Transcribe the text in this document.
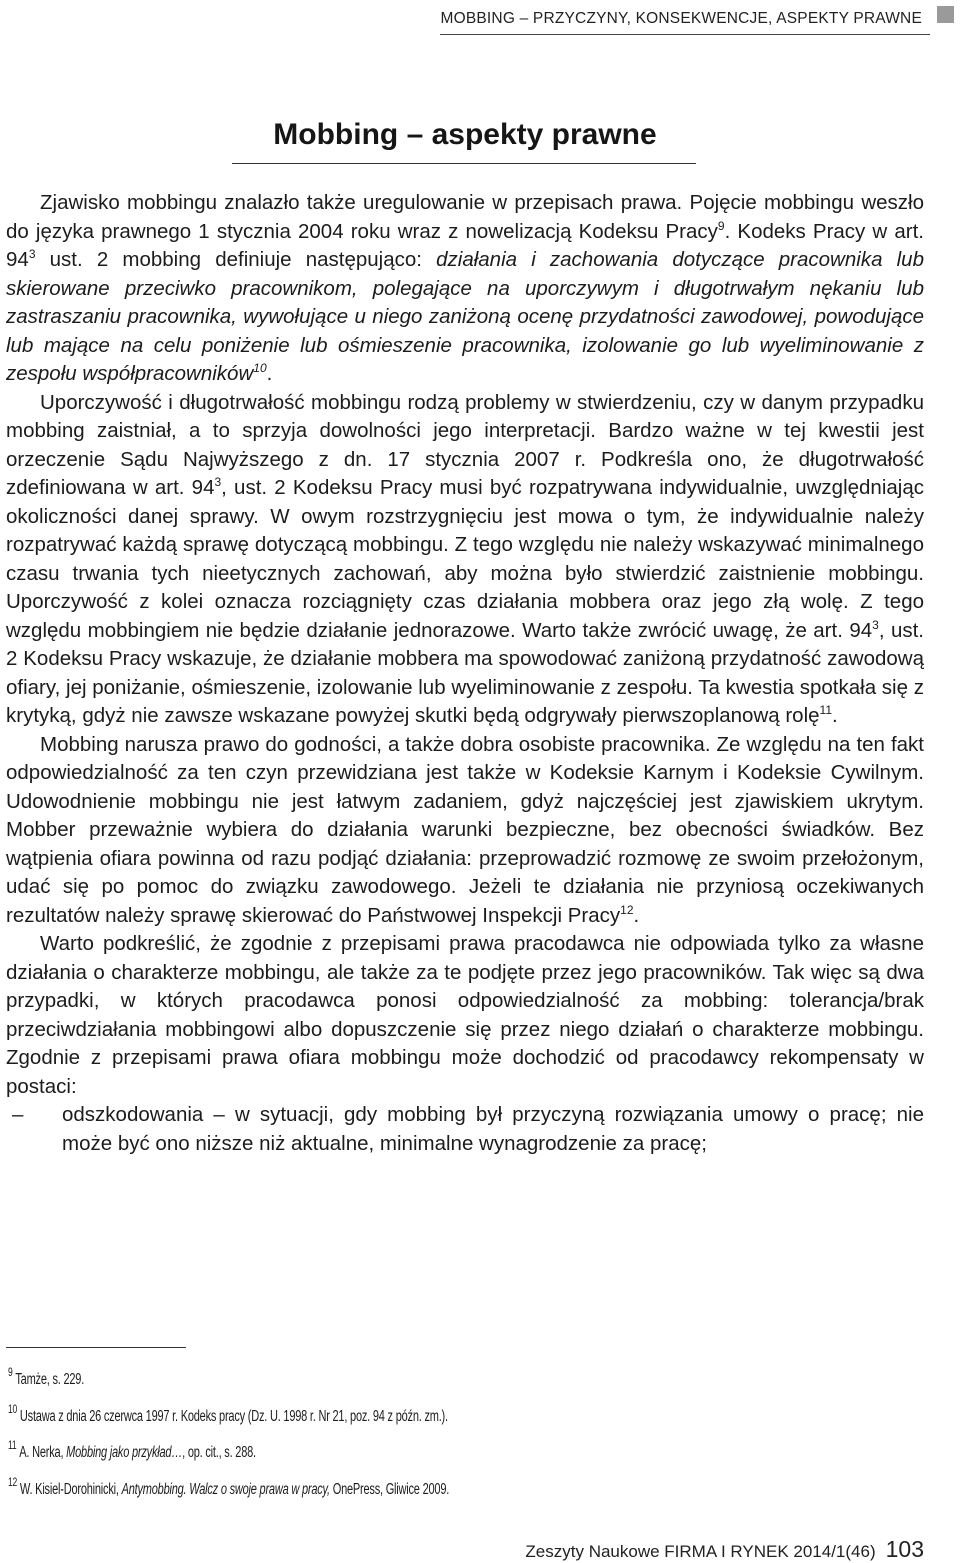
MOBBING – PRZYCZYNY, KONSEKWENCJE, ASPEKTY PRAWNE
Mobbing – aspekty prawne

Zjawisko mobbingu znalazło także uregulowanie w przepisach prawa. Pojęcie mobbingu weszło do języka prawnego 1 stycznia 2004 roku wraz z nowelizacją Kodeksu Pracy$^9$. Kodeks Pracy w art. $94^3$ ust. 2 mobbing definiuje następująco: działania i zachowania dotyczące pracownika lub skierowane przeciwko pracownikom, polegające na uporczywym i długotrwałym nękaniu lub zastraszaniu pracownika, wywołujące u niego zaniżoną ocenę przydatności zawodowej, powodujące lub mające na celu poniżenie lub ośmieszenie pracownika, izolowanie go lub wyeliminowanie z zespołu współpracowników$^{10}$.

Uporczywość i długotrwałość mobbingu rodzą problemy w stwierdzeniu, czy w danym przypadku mobbing zaistniał, a to sprzyja dowolności jego interpretacji. Bardzo ważne w tej kwestii jest orzeczenie Sądu Najwyższego z dn. 17 stycznia 2007 r. Podkreśla ono, że długotrwałość zdefiniowana w art. $94^3$, ust. 2 Kodeksu Pracy musi być rozpatrywana indywidualnie, uwzględniając okoliczności danej sprawy. W owym rozstrzygnięciu jest mowa o tym, że indywidualnie należy rozpatrywać każdą sprawę dotyczącą mobbingu. Z tego względu nie należy wskazywać minimalnego czasu trwania tych nieetycznych zachowań, aby można było stwierdzić zaistnienie mobbingu. Uporczywość z kolei oznacza rozciągnięty czas działania mobbera oraz jego złą wolę. Z tego względu mobbingiem nie będzie działanie jednorazowe. Warto także zwrócić uwagę, że art. $94^3$, ust. 2 Kodeksu Pracy wskazuje, że działanie mobbera ma spowodować zaniżoną przydatność zawodową ofiary, jej poniżanie, ośmieszenie, izolowanie lub wyeliminowanie z zespołu. Ta kwestia spotkała się z krytyką, gdyż nie zawsze wskazane powyżej skutki będą odgrywały pierwszoplanową rolę$^{11}$.

Mobbing narusza prawo do godności, a także dobra osobiste pracownika. Ze względu na ten fakt odpowiedzialność za ten czyn przewidziana jest także w Kodeksie Karnym i Kodeksie Cywilnym. Udowodnienie mobbingu nie jest łatwym zadaniem, gdyż najczęściej jest zjawiskiem ukrytym. Mobber przeważnie wybiera do działania warunki bezpieczne, bez obecności świadków. Bez wątpienia ofiara powinna od razu podjąć działania: przeprowadzić rozmowę ze swoim przełożonym, udać się po pomoc do związku zawodowego. Jeżeli te działania nie przyniosą oczekiwanych rezultatów należy sprawę skierować do Państwowej Inspekcji Pracy$^{12}$.

Warto podkreślić, że zgodnie z przepisami prawa pracodawca nie odpowiada tylko za własne działania o charakterze mobbingu, ale także za te podjęte przez jego pracowników. Tak więc są dwa przypadki, w których pracodawca ponosi odpowiedzialność za mobbing: tolerancja/brak przeciwdziałania mobbingowi albo dopuszczenie się przez niego działań o charakterze mobbingu. Zgodnie z przepisami prawa ofiara mobbingu może dochodzić od pracodawcy rekompensaty w postaci:

– odszkodowania – w sytuacji, gdy mobbing był przyczyną rozwiązania umowy o pracę; nie może być ono niższe niż aktualne, minimalne wynagrodzenie za pracę;
$^9$ Tamże, s. 229.
$^{10}$ Ustawa z dnia 26 czerwca 1997 r. Kodeks pracy (Dz. U. 1998 r. Nr 21, poz. 94 z późn. zm.).
$^{11}$ A. Nerka, Mobbing jako przykład…, op. cit., s. 288.
$^{12}$ W. Kisiel-Dorohinicki, Antymobbing. Walcz o swoje prawa w pracy, OnePress, Gliwice 2009.
Zeszyty Naukowe FIRMA I RYNEK 2014/1(46) 103
